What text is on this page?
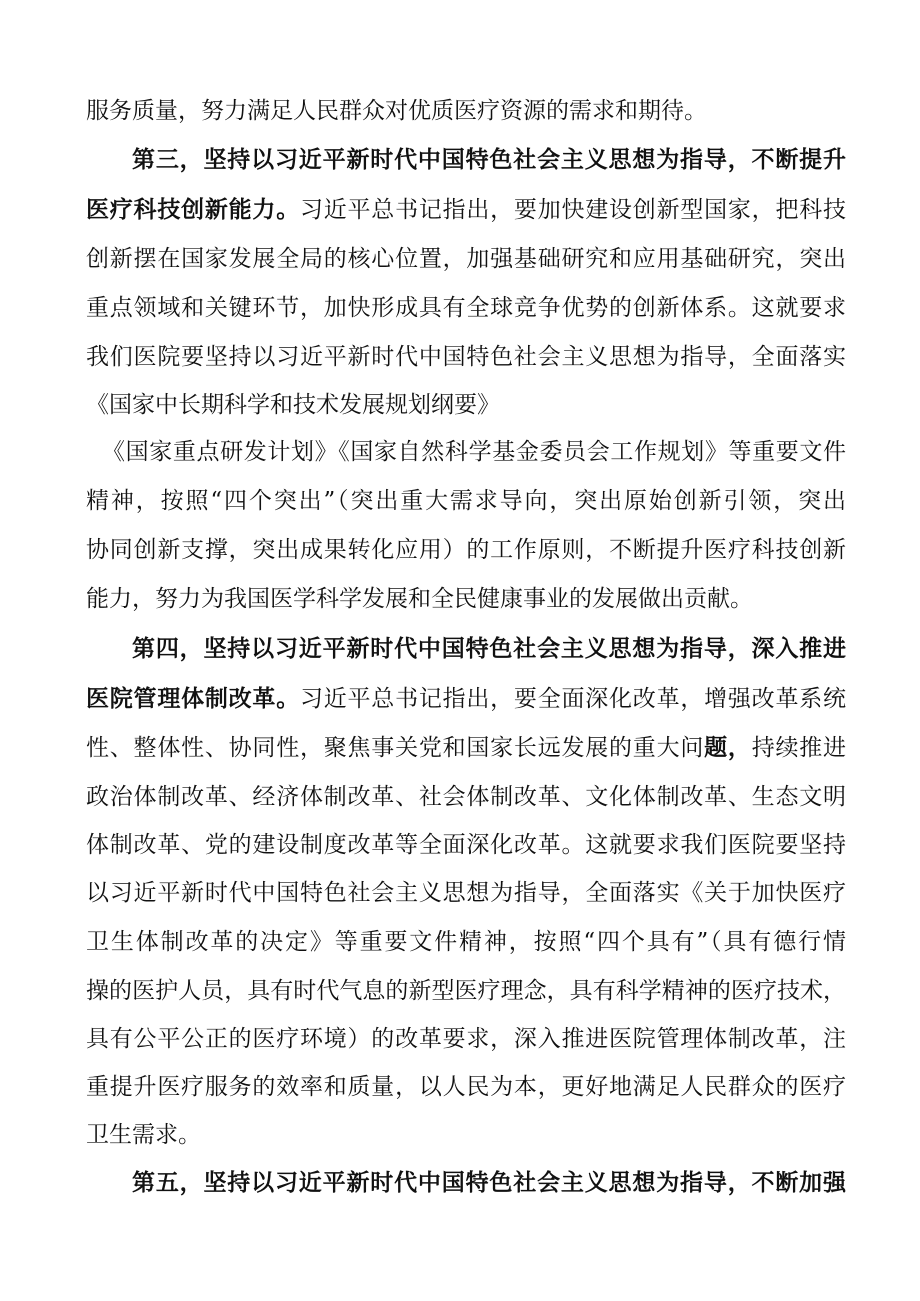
服务质量，努力满足人民群众对优质医疗资源的需求和期待。
第三，坚持以习近平新时代中国特色社会主义思想为指导，不断提升
医疗科技创新能力。习近平总书记指出，要加快建设创新型国家，把科技
创新摆在国家发展全局的核心位置，加强基础研究和应用基础研究，突出
重点领域和关键环节，加快形成具有全球竞争优势的创新体系。这就要求
我们医院要坚持以习近平新时代中国特色社会主义思想为指导，全面落实
《国家中长期科学和技术发展规划纲要》
《国家重点研发计划》《国家自然科学基金委员会工作规划》等重要文件
精神，按照“四个突出”（突出重大需求导向，突出原始创新引领，突出
协同创新支撑，突出成果转化应用）的工作原则，不断提升医疗科技创新
能力，努力为我国医学科学发展和全民健康事业的发展做出贡献。
第四，坚持以习近平新时代中国特色社会主义思想为指导，深入推进
医院管理体制改革。习近平总书记指出，要全面深化改革，增强改革系统
性、整体性、协同性，聚焦事关党和国家长远发展的重大问题，持续推进
政治体制改革、经济体制改革、社会体制改革、文化体制改革、生态文明
体制改革、党的建设制度改革等全面深化改革。这就要求我们医院要坚持
以习近平新时代中国特色社会主义思想为指导，全面落实《关于加快医疗
卫生体制改革的决定》等重要文件精神，按照“四个具有”（具有德行情
操的医护人员，具有时代气息的新型医疗理念，具有科学精神的医疗技术，
具有公平公正的医疗环境）的改革要求，深入推进医院管理体制改革，注
重提升医疗服务的效率和质量，以人民为本，更好地满足人民群众的医疗
卫生需求。
第五，坚持以习近平新时代中国特色社会主义思想为指导，不断加强
